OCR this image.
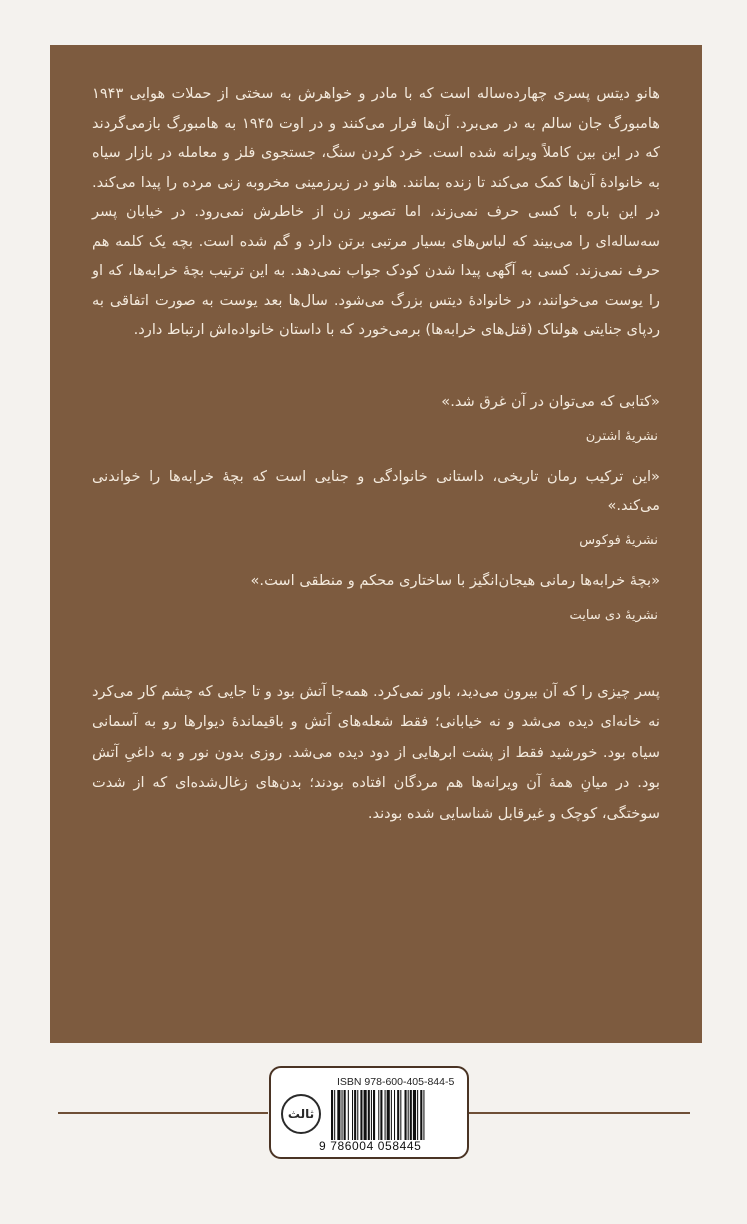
هانو دیتس پسری چهارده‌ساله است که با مادر و خواهرش به سختی از حملات هوایی ۱۹۴۳ هامبورگ جان سالم به در می‌برد. آن‌ها فرار می‌کنند و در اوت ۱۹۴۵ به هامبورگ بازمی‌گردند که در این بین کاملاً ویرانه شده است. خرد کردن سنگ، جستجوی فلز و معامله در بازار سیاه به خانوادهٔ آن‌ها کمک می‌کند تا زنده بمانند. هانو در زیرزمینی مخروبه زنی مرده را پیدا می‌کند. در این باره با کسی حرف نمی‌زند، اما تصویر زن از خاطرش نمی‌رود. در خیابان پسر سه‌ساله‌ای را می‌بیند که لباس‌های بسیار مرتبی برتن دارد و گم شده است. بچه یک کلمه هم حرف نمی‌زند. کسی به آگهی پیدا شدن کودک جواب نمی‌دهد. به این ترتیب بچهٔ خرابه‌ها، که او را یوست می‌خوانند، در خانوادهٔ دیتس بزرگ می‌شود. سال‌ها بعد یوست به صورت اتفاقی به ردپای جنایتی هولناک (قتل‌های خرابه‌ها) برمی‌خورد که با داستان خانواده‌اش ارتباط دارد.

«کتابی که می‌توان در آن غرق شد.»

نشریهٔ اشترن

«این ترکیب رمان تاریخی، داستانی خانوادگی و جنایی است که بچهٔ خرابه‌ها را خواندنی می‌کند.»

نشریهٔ فوکوس

«بچهٔ خرابه‌ها رمانی هیجان‌انگیز با ساختاری محکم و منطقی است.»

نشریهٔ دی سایت

پسر چیزی را که آن بیرون می‌دید، باور نمی‌کرد. همه‌جا آتش بود و تا جایی که چشم کار می‌کرد نه خانه‌ای دیده می‌شد و نه خیابانی؛ فقط شعله‌های آتش و باقیماندهٔ دیوارها رو به آسمانی سیاه بود. خورشید فقط از پشت ابرهایی از دود دیده می‌شد. روزی بدون نور و به داغیِ آتش بود. در میانِ همهٔ آن ویرانه‌ها هم مردگان افتاده بودند؛ بدن‌های زغال‌شده‌ای که از شدت سوختگی، کوچک و غیرقابل شناسایی شده بودند.

ثالث
ISBN 978-600-405-844-5
9 786004 058445
